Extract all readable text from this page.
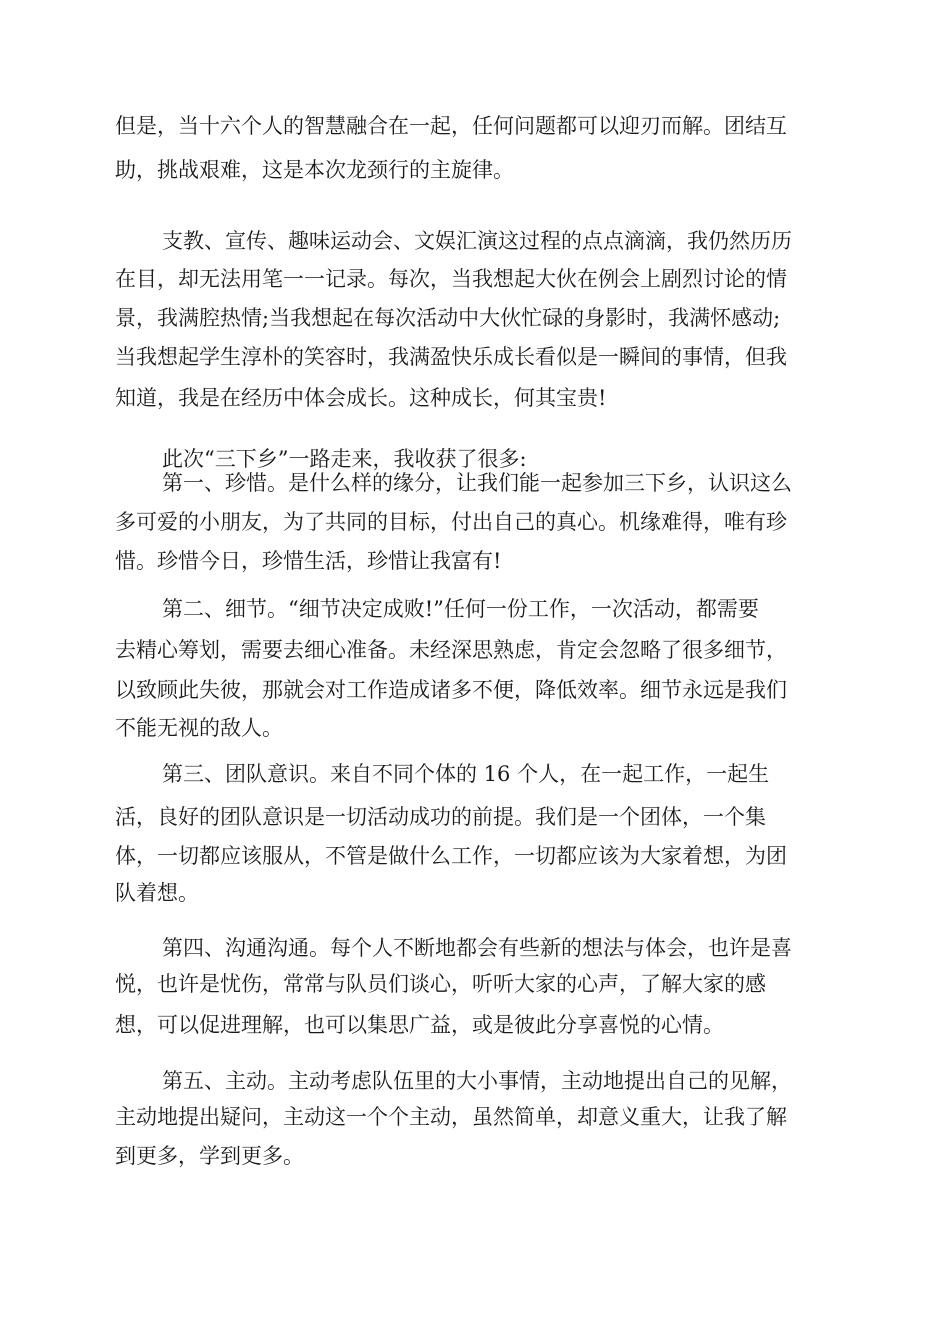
但是，当十六个人的智慧融合在一起，任何问题都可以迎刃而解。团结互
助，挑战艰难，这是本次龙颈行的主旋律。
支教、宣传、趣味运动会、文娱汇演这过程的点点滴滴，我仍然历历
在目，却无法用笔一一记录。每次，当我想起大伙在例会上剧烈讨论的情
景，我满腔热情;当我想起在每次活动中大伙忙碌的身影时，我满怀感动;
当我想起学生淳朴的笑容时，我满盈快乐成长看似是一瞬间的事情，但我
知道，我是在经历中体会成长。这种成长，何其宝贵!
此次“三下乡”一路走来，我收获了很多:
第一、珍惜。是什么样的缘分，让我们能一起参加三下乡，认识这么
多可爱的小朋友，为了共同的目标，付出自己的真心。机缘难得，唯有珍
惜。珍惜今日，珍惜生活，珍惜让我富有!
第二、细节。“细节决定成败!”任何一份工作，一次活动，都需要
去精心筹划，需要去细心准备。未经深思熟虑，肯定会忽略了很多细节，
以致顾此失彼，那就会对工作造成诸多不便，降低效率。细节永远是我们
不能无视的敌人。
第三、团队意识。来自不同个体的 16 个人，在一起工作，一起生
活，良好的团队意识是一切活动成功的前提。我们是一个团体，一个集
体，一切都应该服从，不管是做什么工作，一切都应该为大家着想，为团
队着想。
第四、沟通沟通。每个人不断地都会有些新的想法与体会，也许是喜
悦，也许是忧伤，常常与队员们谈心，听听大家的心声，了解大家的感
想，可以促进理解，也可以集思广益，或是彼此分享喜悦的心情。
第五、主动。主动考虑队伍里的大小事情，主动地提出自己的见解，
主动地提出疑问，主动这一个个主动，虽然简单，却意义重大，让我了解
到更多，学到更多。
